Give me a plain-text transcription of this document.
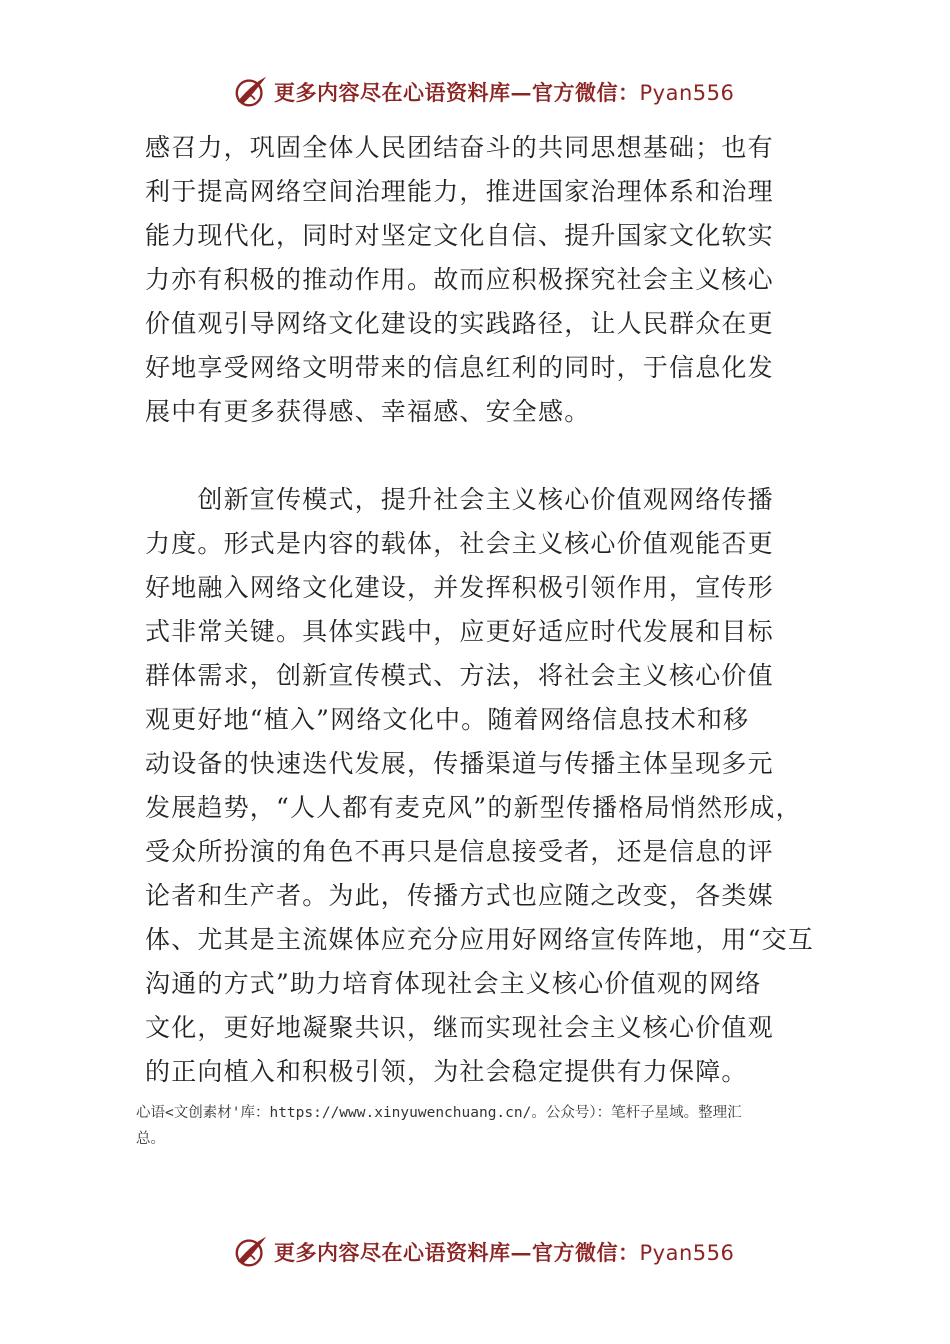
更多内容尽在心语资料库—官方微信：Pyan556

感召力，巩固全体人民团结奋斗的共同思想基础；也有
利于提高网络空间治理能力，推进国家治理体系和治理
能力现代化，同时对坚定文化自信、提升国家文化软实
力亦有积极的推动作用。故而应积极探究社会主义核心
价值观引导网络文化建设的实践路径，让人民群众在更
好地享受网络文明带来的信息红利的同时，于信息化发
展中有更多获得感、幸福感、安全感。

　　创新宣传模式，提升社会主义核心价值观网络传播
力度。形式是内容的载体，社会主义核心价值观能否更
好地融入网络文化建设，并发挥积极引领作用，宣传形
式非常关键。具体实践中，应更好适应时代发展和目标
群体需求，创新宣传模式、方法，将社会主义核心价值
观更好地“植入”网络文化中。随着网络信息技术和移
动设备的快速迭代发展，传播渠道与传播主体呈现多元
发展趋势，“人人都有麦克风”的新型传播格局悄然形成，
受众所扮演的角色不再只是信息接受者，还是信息的评
论者和生产者。为此，传播方式也应随之改变，各类媒
体、尤其是主流媒体应充分应用好网络宣传阵地，用“交互
沟通的方式”助力培育体现社会主义核心价值观的网络
文化，更好地凝聚共识，继而实现社会主义核心价值观
的正向植入和积极引领，为社会稳定提供有力保障。

心语<文创素材'库：https://www.xinyuwenchuang.cn/。公众号）：笔杆子星域。整理汇
总。
更多内容尽在心语资料库—官方微信：Pyan556
